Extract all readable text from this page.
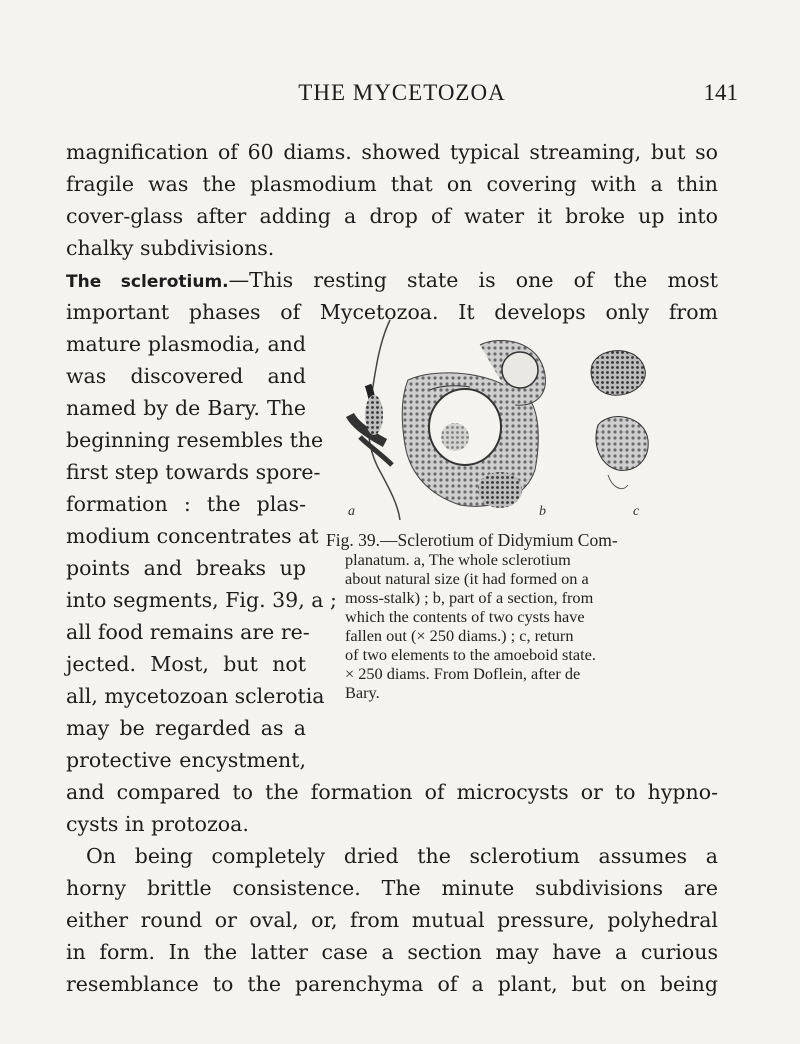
THE MYCETOZOA	141
magnification of 60 diams. showed typical streaming, but so
fragile was the plasmodium that on covering with a thin
cover-glass after adding a drop of water it broke up into
chalky subdivisions.
The sclerotium.—This resting state is one of the most
important phases of Mycetozoa. It develops only from
mature plasmodia, and
was discovered and
named by de Bary. The
beginning resembles the
first step towards spore-
formation : the plas-
modium concentrates at
points and breaks up
into segments, Fig. 39, a ;
all food remains are re-
jected. Most, but not
all, mycetozoan sclerotia
may be regarded as a
protective encystment,
a	b	c

Fig. 39.—Sclerotium of Didymium Com-

planatum. a, The whole sclerotium

about natural size (it had formed on a

moss-stalk) ; b, part of a section, from

which the contents of two cysts have

fallen out (× 250 diams.) ; c, return

of two elements to the amoeboid state.

× 250 diams. From Doflein, after de

Bary.

and compared to the formation of microcysts or to hypno-
cysts in protozoa.
On being completely dried the sclerotium assumes a
horny brittle consistence. The minute subdivisions are
either round or oval, or, from mutual pressure, polyhedral
in form. In the latter case a section may have a curious
resemblance to the parenchyma of a plant, but on being
